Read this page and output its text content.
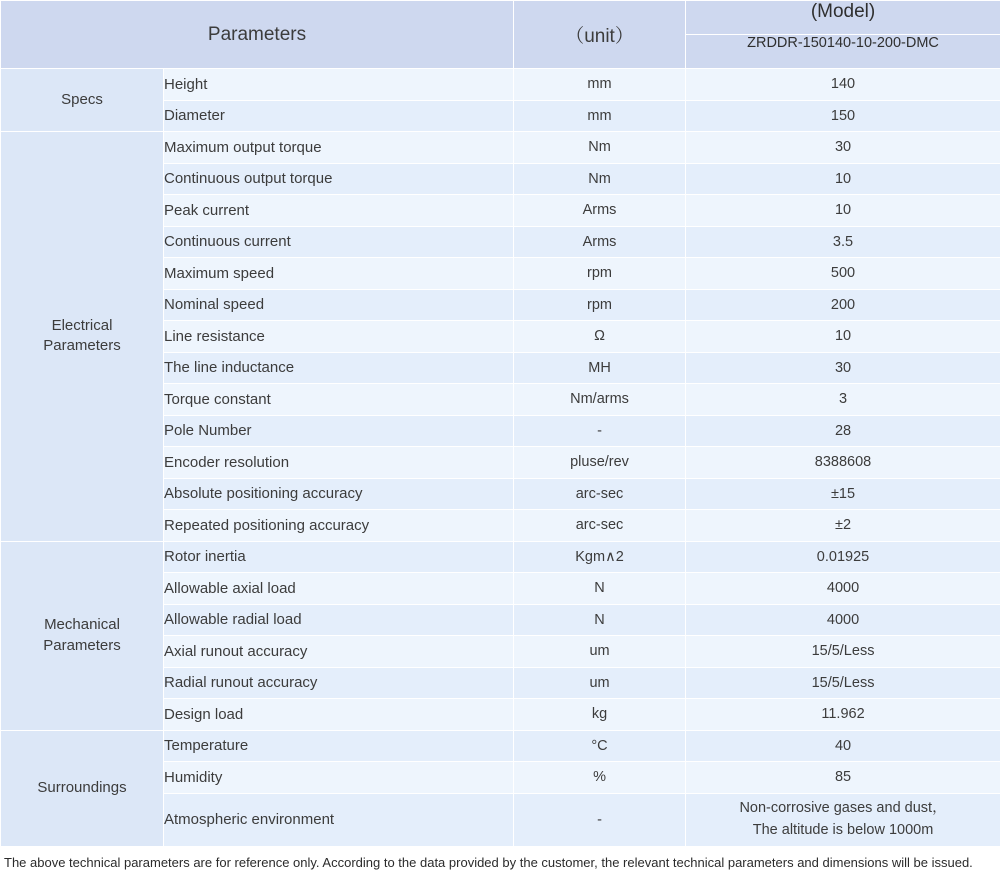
Parameters		（unit）	(Model)
ZRDDR-150140-10-200-DMC

Specs	Height	mm	140
	Diameter	mm	150
Electrical
Parameters	Maximum output torque	Nm	30
	Continuous output torque	Nm	10
	Peak current	Arms	10
	Continuous current	Arms	3.5
	Maximum speed	rpm	500
	Nominal speed	rpm	200
	Line resistance	Ω	10
	The line inductance	MH	30
	Torque constant	Nm/arms	3
	Pole Number	-	28
	Encoder resolution	pluse/rev	8388608
	Absolute positioning accuracy	arc-sec	±15
	Repeated positioning accuracy	arc-sec	±2
Mechanical
Parameters	Rotor inertia	Kgm∧2	0.01925
	Allowable axial load	N	4000
	Allowable radial load	N	4000
	Axial runout accuracy	um	15/5/Less
	Radial runout accuracy	um	15/5/Less
	Design load	kg	11.962
Surroundings	Temperature	°C	40
	Humidity	%	85
	Atmospheric environment	-	Non-corrosive gases and dust，
The altitude is below 1000m
The above technical parameters are for reference only. According to the data provided by the customer, the relevant technical parameters and dimensions will be issued.
